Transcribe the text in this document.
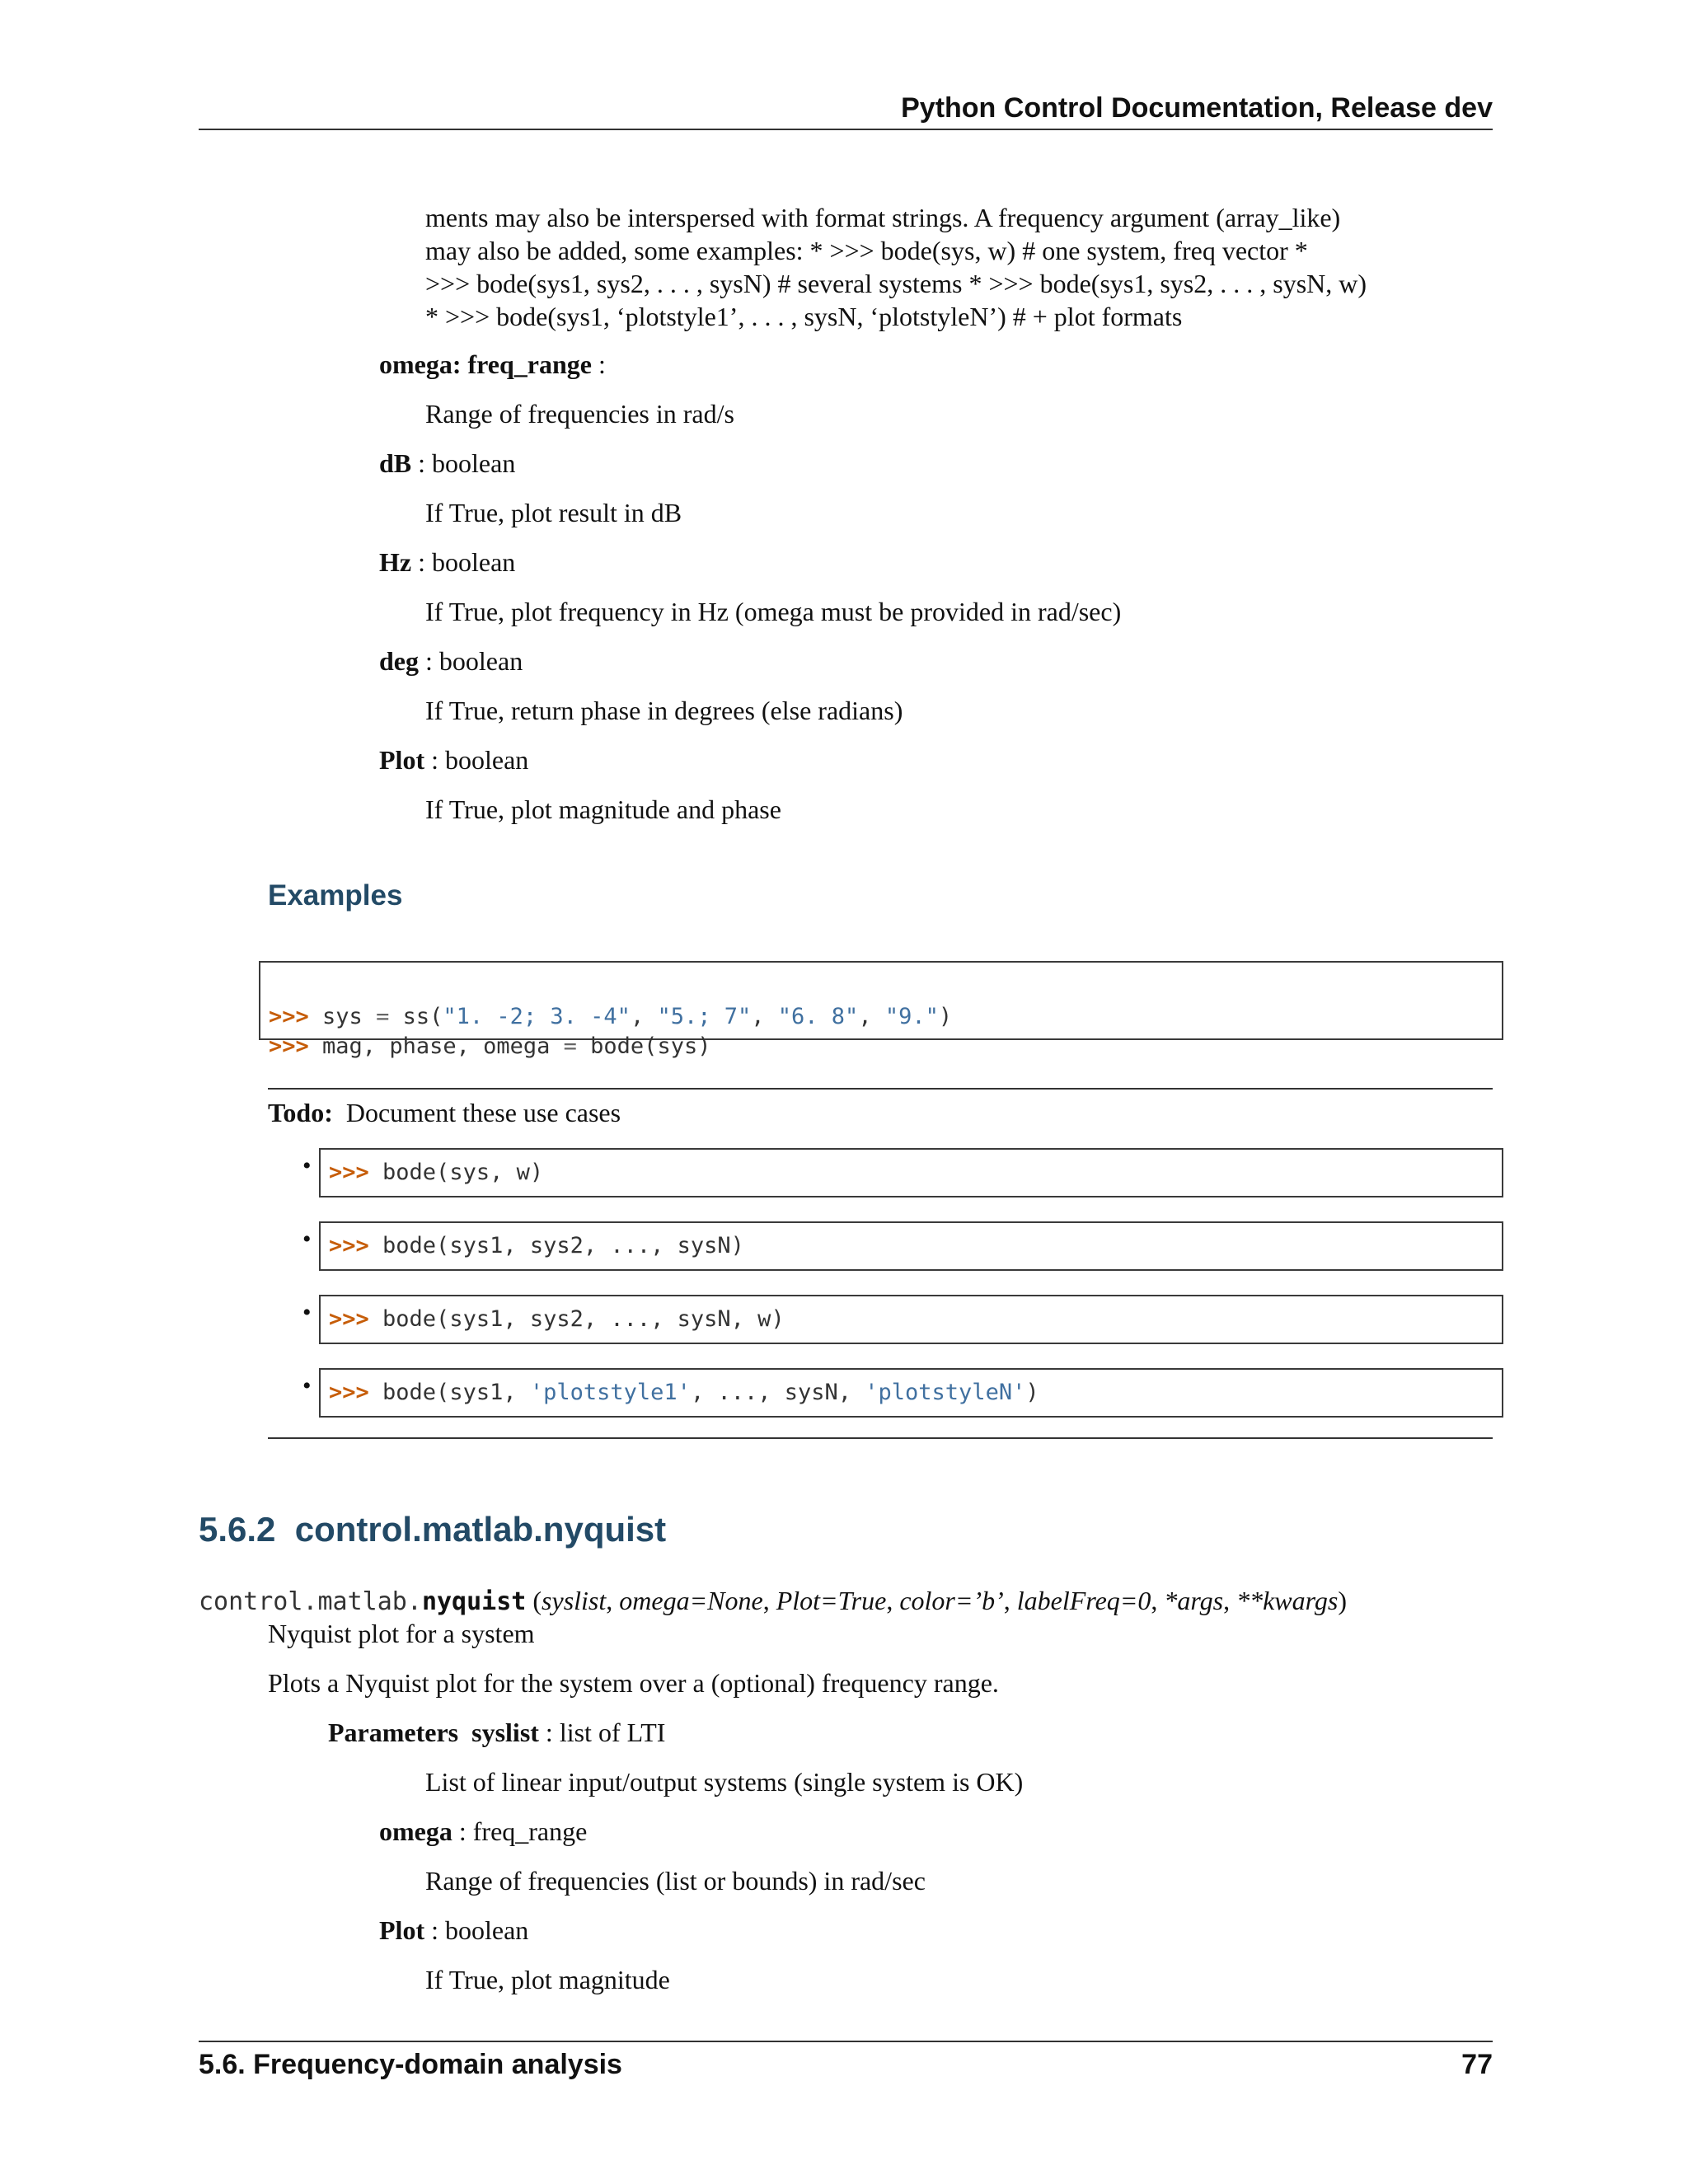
Python Control Documentation, Release dev
ments may also be interspersed with format strings. A frequency argument (array_like)
may also be added, some examples: * >>> bode(sys, w) # one system, freq vector *
>>> bode(sys1, sys2, . . . , sysN) # several systems * >>> bode(sys1, sys2, . . . , sysN, w)
* >>> bode(sys1, ‘plotstyle1’, . . . , sysN, ‘plotstyleN’) # + plot formats
omega: freq_range :
Range of frequencies in rad/s
dB : boolean
If True, plot result in dB
Hz : boolean
If True, plot frequency in Hz (omega must be provided in rad/sec)
deg : boolean
If True, return phase in degrees (else radians)
Plot : boolean
If True, plot magnitude and phase
Examples

>>> sys = ss("1. -2; 3. -4", "5.; 7", "6. 8", "9.")
>>> mag, phase, omega = bode(sys)

Todo: Document these use cases
• >>> bode(sys, w)
• >>> bode(sys1, sys2, ..., sysN)
• >>> bode(sys1, sys2, ..., sysN, w)
• >>> bode(sys1, 'plotstyle1', ..., sysN, 'plotstyleN')
5.6.2 control.matlab.nyquist
control.matlab.nyquist (syslist, omega=None, Plot=True, color=’b’, labelFreq=0, *args, **kwargs)
Nyquist plot for a system
Plots a Nyquist plot for the system over a (optional) frequency range.
Parameters syslist : list of LTI
List of linear input/output systems (single system is OK)
omega : freq_range
Range of frequencies (list or bounds) in rad/sec
Plot : boolean
If True, plot magnitude
5.6. Frequency-domain analysis	77
